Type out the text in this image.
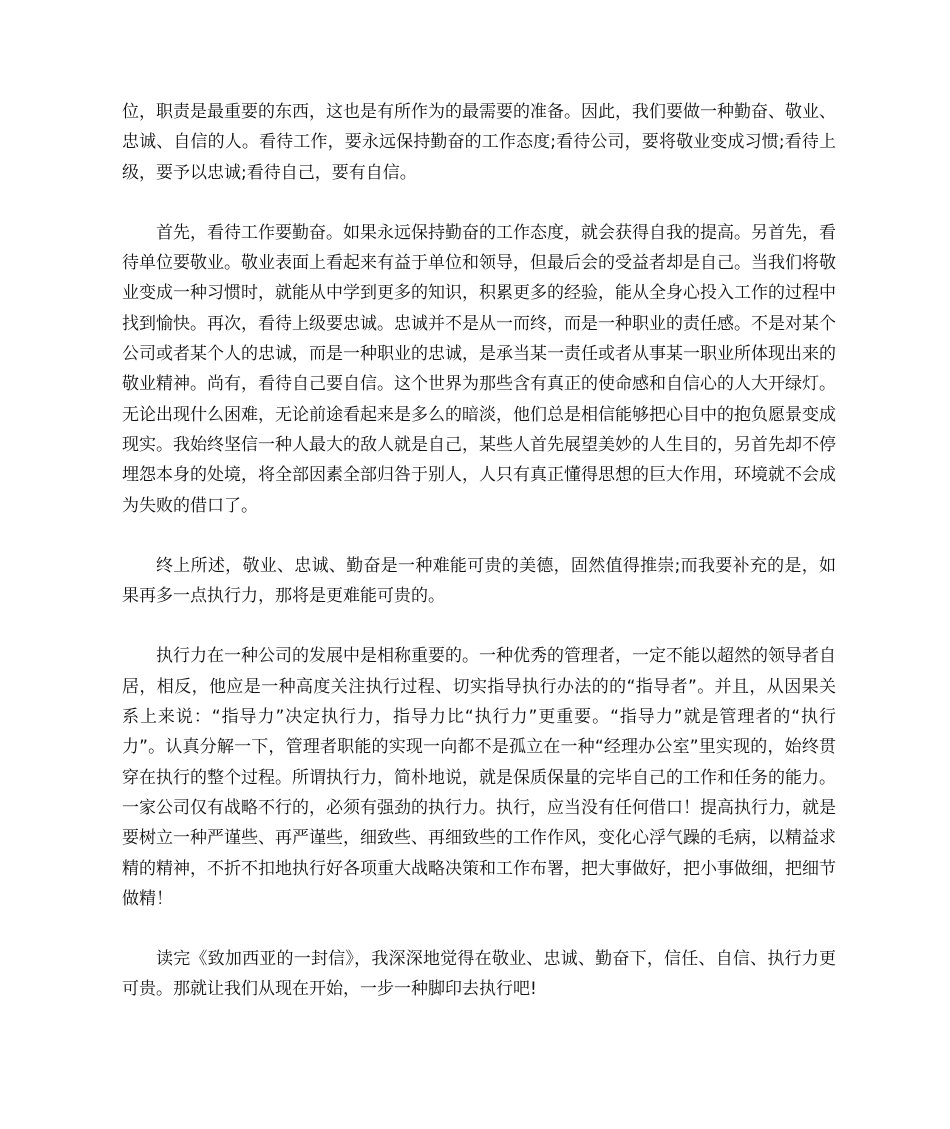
位，职责是最重要的东西，这也是有所作为的最需要的准备。因此，我们要做一种勤奋、敬业、忠诚、自信的人。看待工作，要永远保持勤奋的工作态度;看待公司，要将敬业变成习惯;看待上级，要予以忠诚;看待自己，要有自信。

首先，看待工作要勤奋。如果永远保持勤奋的工作态度，就会获得自我的提高。另首先，看待单位要敬业。敬业表面上看起来有益于单位和领导，但最后会的受益者却是自己。当我们将敬业变成一种习惯时，就能从中学到更多的知识，积累更多的经验，能从全身心投入工作的过程中找到愉快。再次，看待上级要忠诚。忠诚并不是从一而终，而是一种职业的责任感。不是对某个公司或者某个人的忠诚，而是一种职业的忠诚，是承当某一责任或者从事某一职业所体现出来的敬业精神。尚有，看待自己要自信。这个世界为那些含有真正的使命感和自信心的人大开绿灯。无论出现什么困难，无论前途看起来是多么的暗淡，他们总是相信能够把心目中的抱负愿景变成现实。我始终坚信一种人最大的敌人就是自己，某些人首先展望美妙的人生目的，另首先却不停埋怨本身的处境，将全部因素全部归咎于别人，人只有真正懂得思想的巨大作用，环境就不会成为失败的借口了。

终上所述，敬业、忠诚、勤奋是一种难能可贵的美德，固然值得推崇;而我要补充的是，如果再多一点执行力，那将是更难能可贵的。

执行力在一种公司的发展中是相称重要的。一种优秀的管理者，一定不能以超然的领导者自居，相反，他应是一种高度关注执行过程、切实指导执行办法的的“指导者”。并且，从因果关系上来说：“指导力”决定执行力，指导力比“执行力”更重要。“指导力”就是管理者的“执行力”。认真分解一下，管理者职能的实现一向都不是孤立在一种“经理办公室”里实现的，始终贯穿在执行的整个过程。所谓执行力，简朴地说，就是保质保量的完毕自己的工作和任务的能力。一家公司仅有战略不行的，必须有强劲的执行力。执行，应当没有任何借口！提高执行力，就是要树立一种严谨些、再严谨些，细致些、再细致些的工作作风，变化心浮气躁的毛病，以精益求精的精神，不折不扣地执行好各项重大战略决策和工作布署，把大事做好，把小事做细，把细节做精！

读完《致加西亚的一封信》，我深深地觉得在敬业、忠诚、勤奋下，信任、自信、执行力更可贵。那就让我们从现在开始，一步一种脚印去执行吧!
